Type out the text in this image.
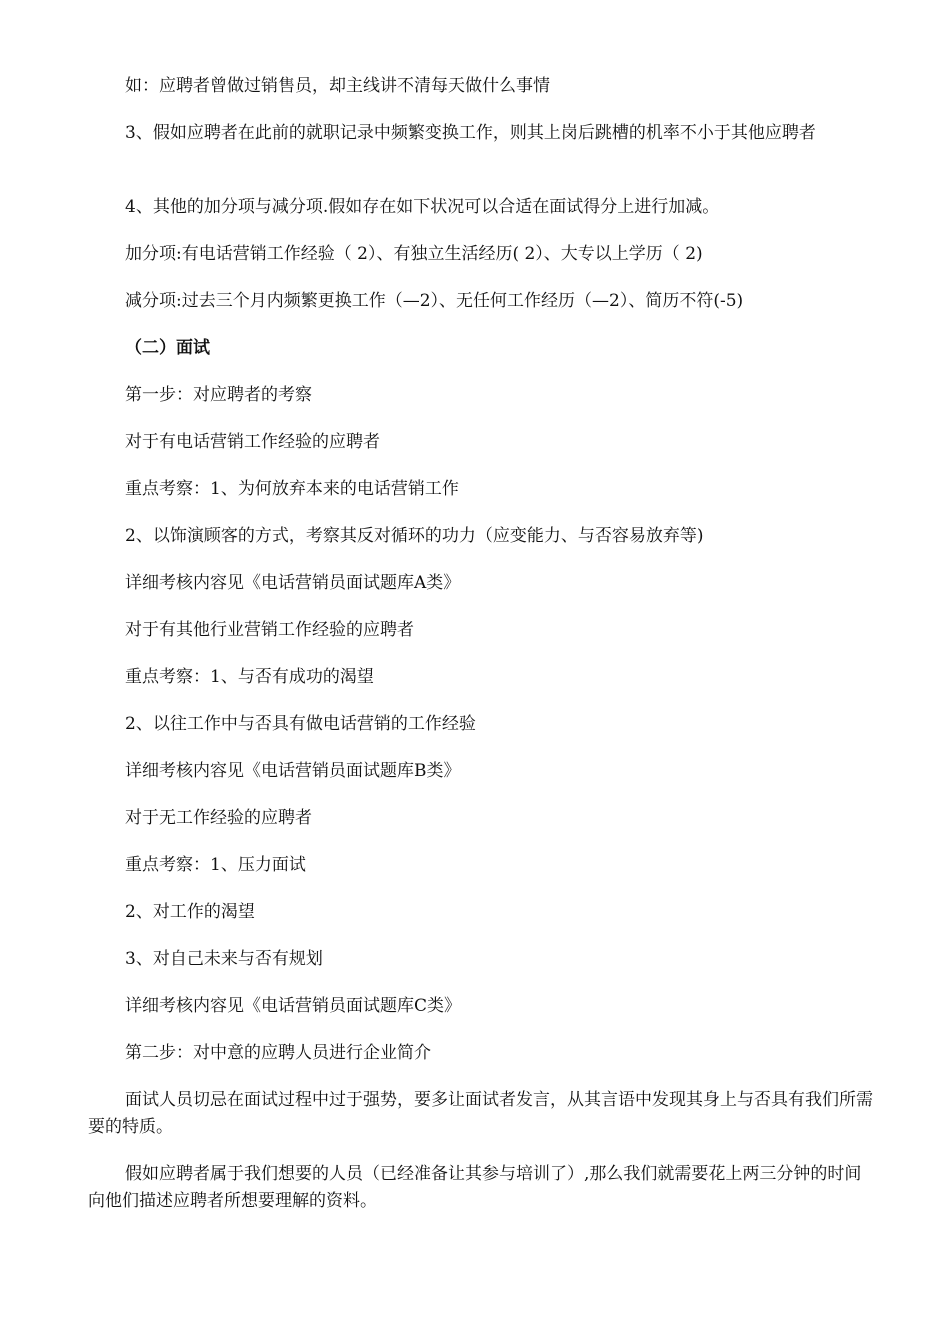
如：应聘者曾做过销售员，却主线讲不清每天做什么事情
3、假如应聘者在此前的就职记录中频繁变换工作，则其上岗后跳槽的机率不小于其他应聘者
4、其他的加分项与减分项.假如存在如下状况可以合适在面试得分上进行加减。
加分项:有电话营销工作经验（ 2）、有独立生活经历( 2）、大专以上学历（ 2)
减分项:过去三个月内频繁更换工作（—2）、无任何工作经历（—2）、简历不符(-5)
（二）面试
第一步：对应聘者的考察
对于有电话营销工作经验的应聘者
重点考察：1、为何放弃本来的电话营销工作
2、以饰演顾客的方式，考察其反对循环的功力（应变能力、与否容易放弃等)
详细考核内容见《电话营销员面试题库A类》
对于有其他行业营销工作经验的应聘者
重点考察：1、与否有成功的渴望
2、以往工作中与否具有做电话营销的工作经验
详细考核内容见《电话营销员面试题库B类》
对于无工作经验的应聘者
重点考察：1、压力面试
2、对工作的渴望
3、对自己未来与否有规划
详细考核内容见《电话营销员面试题库C类》
第二步：对中意的应聘人员进行企业简介
面试人员切忌在面试过程中过于强势，要多让面试者发言，从其言语中发现其身上与否具有我们所需要的特质。
假如应聘者属于我们想要的人员（已经准备让其参与培训了）,那么我们就需要花上两三分钟的时间向他们描述应聘者所想要理解的资料。
